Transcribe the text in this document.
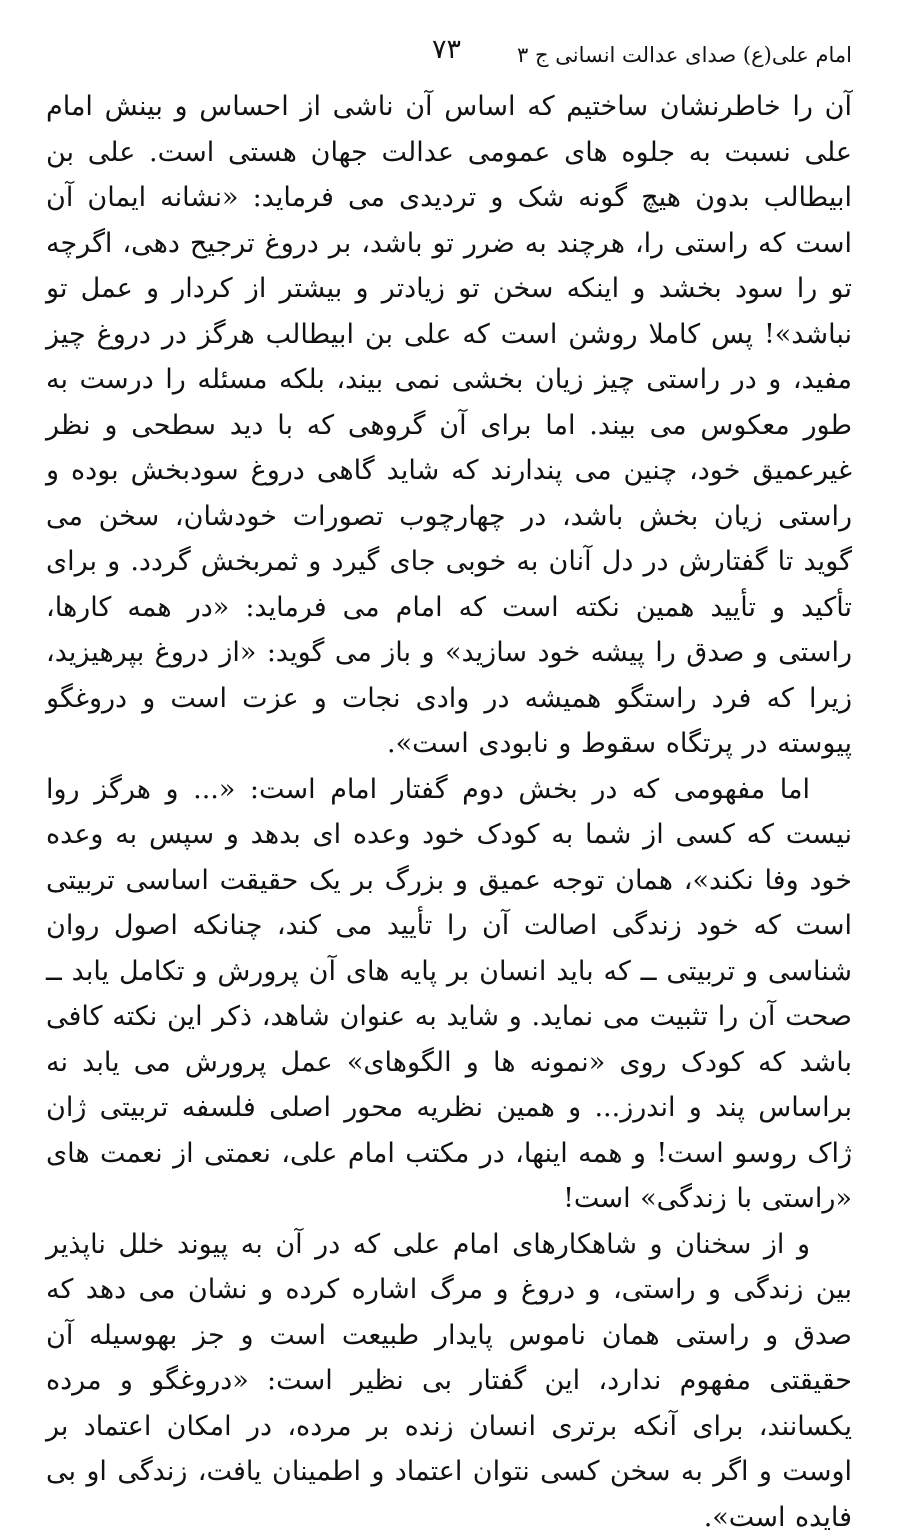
امام علی(ع) صدای عدالت انسانی ج ۳
۷۳

آن را خاطرنشان ساختیم که اساس آن ناشی از احساس و بینش امام علی نسبت به جلوه های عمومی عدالت جهان هستی است. علی بن ابیطالب بدون هیچ گونه شک و تردیدی می فرماید: «نشانه ایمان آن است که راستی را، هرچند به ضرر تو باشد، بر دروغ ترجیح دهی، اگرچه تو را سود بخشد و اینکه سخن تو زیادتر و بیشتر از کردار و عمل تو نباشد»! پس کاملا روشن است که علی بن ابیطالب هرگز در دروغ چیز مفید، و در راستی چیز زیان بخشی نمی بیند، بلکه مسئله را درست به طور معکوس می بیند. اما برای آن گروهی که با دید سطحی و نظر غیرعمیق خود، چنین می پندارند که شاید گاهی دروغ سودبخش بوده و راستی زیان بخش باشد، در چهارچوب تصورات خودشان، سخن می گوید تا گفتارش در دل آنان به خوبی جای گیرد و ثمربخش گردد. و برای تأکید و تأیید همین نکته است که امام می فرماید: «در همه کارها، راستی و صدق را پیشه خود سازید» و باز می گوید: «از دروغ بپرهیزید، زیرا که فرد راستگو همیشه در وادی نجات و عزت است و دروغگو پیوسته در پرتگاه سقوط و نابودی است».

اما مفهومی که در بخش دوم گفتار امام است: «... و هرگز روا نیست که کسی از شما به کودک خود وعده ای بدهد و سپس به وعده خود وفا نکند»، همان توجه عمیق و بزرگ بر یک حقیقت اساسی تربیتی است که خود زندگی اصالت آن را تأیید می کند، چنانکه اصول روان شناسی و تربیتی ــ که باید انسان بر پایه های آن پرورش و تکامل یابد ــ صحت آن را تثبیت می نماید. و شاید به عنوان شاهد، ذکر این نکته کافی باشد که کودک روی «نمونه ها و الگوهای» عمل پرورش می یابد نه براساس پند و اندرز... و همین نظریه محور اصلی فلسفه تربیتی ژان ژاک روسو است! و همه اینها، در مکتب امام علی، نعمتی از نعمت های «راستی با زندگی» است!

و از سخنان و شاهکارهای امام علی که در آن به پیوند خلل ناپذیر بین زندگی و راستی، و دروغ و مرگ اشاره کرده و نشان می دهد که صدق و راستی همان ناموس پایدار طبیعت است و جز بهوسیله آن حقیقتی مفهوم ندارد، این گفتار بی نظیر است: «دروغگو و مرده یکسانند، برای آنکه برتری انسان زنده بر مرده، در امکان اعتماد بر اوست و اگر به سخن کسی نتوان اعتماد و اطمینان یافت، زندگی او بی فایده است».
